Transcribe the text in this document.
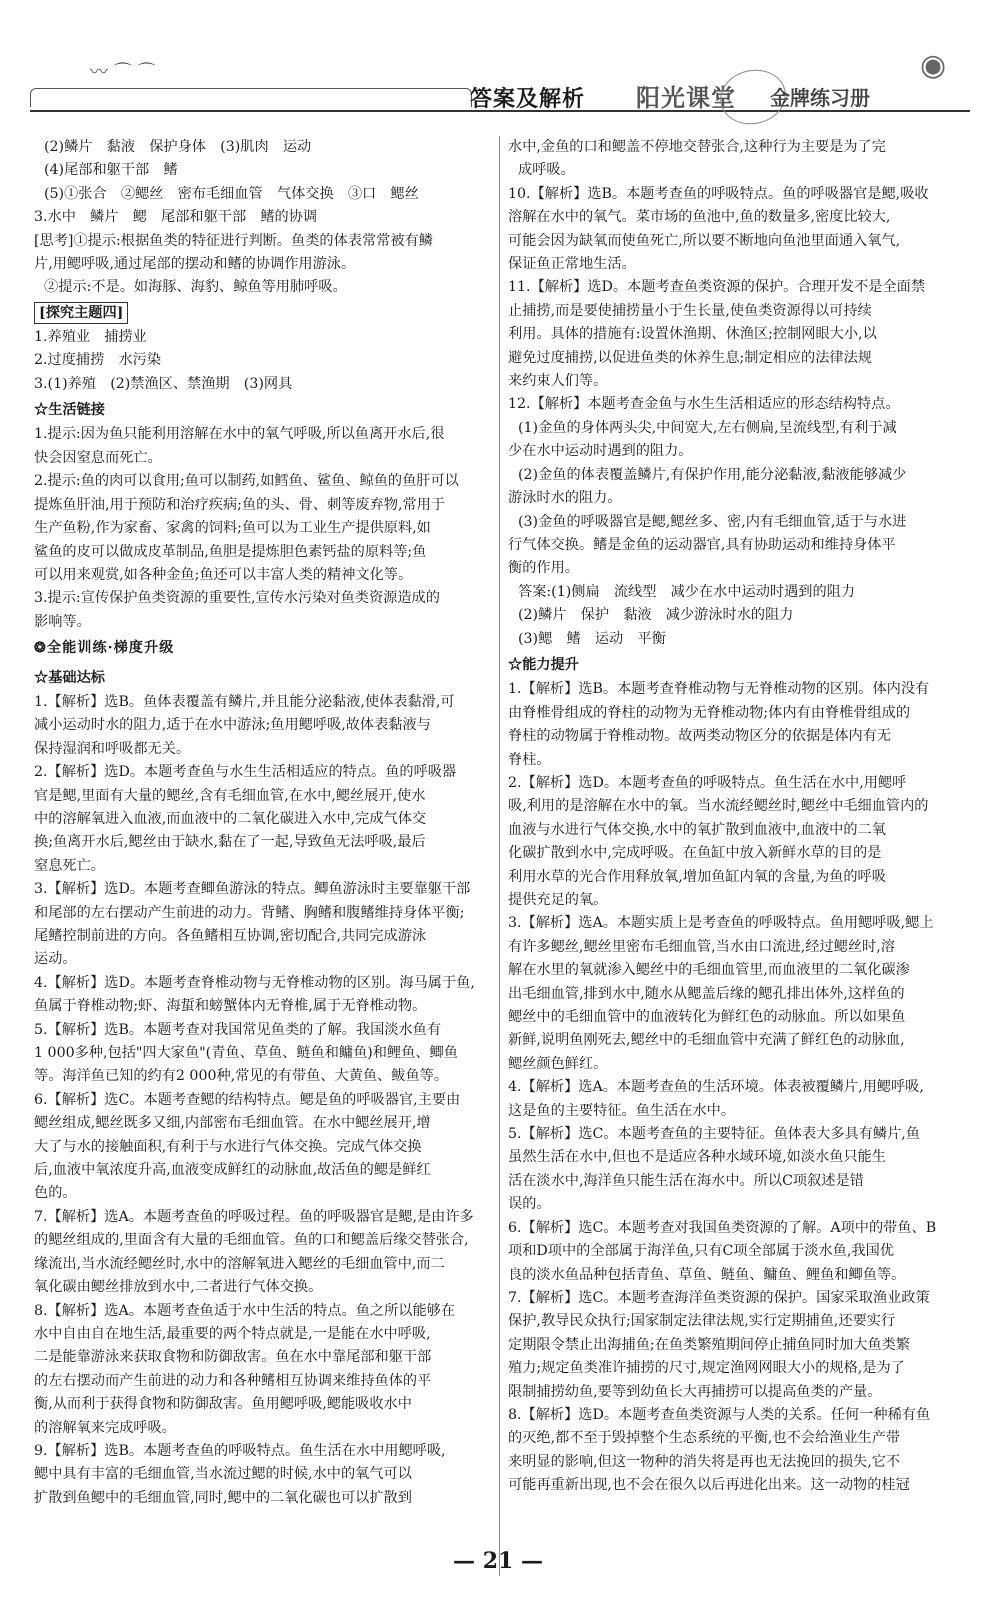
〰 ⌒ ⌒
答案及解析 阳光课堂 金牌练习册
◉
(2)鳞片　黏液　保护身体　(3)肌肉　运动
(4)尾部和躯干部　鳍
(5)①张合　②鳃丝　密布毛细血管　气体交换　③口　鳃丝
3.水中　鳞片　鳃　尾部和躯干部　鳍的协调
[思考]①提示:根据鱼类的特征进行判断。鱼类的体表常常被有鳞
片,用鳃呼吸,通过尾部的摆动和鳍的协调作用游泳。
②提示:不是。如海豚、海豹、鲸鱼等用肺呼吸。
[探究主题四]
1.养殖业　捕捞业
2.过度捕捞　水污染
3.(1)养殖　(2)禁渔区、禁渔期　(3)网具
☆生活链接
1.提示:因为鱼只能利用溶解在水中的氧气呼吸,所以鱼离开水后,很
快会因窒息而死亡。
2.提示:鱼的肉可以食用;鱼可以制药,如鳕鱼、鲨鱼、鲸鱼的鱼肝可以
提炼鱼肝油,用于预防和治疗疾病;鱼的头、骨、刺等废弃物,常用于
生产鱼粉,作为家畜、家禽的饲料;鱼可以为工业生产提供原料,如
鲨鱼的皮可以做成皮革制品,鱼胆是提炼胆色素钙盐的原料等;鱼
可以用来观赏,如各种金鱼;鱼还可以丰富人类的精神文化等。
3.提示:宣传保护鱼类资源的重要性,宣传水污染对鱼类资源造成的
影响等。
❂全能训练·梯度升级
☆基础达标
1.【解析】选B。鱼体表覆盖有鳞片,并且能分泌黏液,使体表黏滑,可
减小运动时水的阻力,适于在水中游泳;鱼用鳃呼吸,故体表黏液与
保持湿润和呼吸都无关。
2.【解析】选D。本题考查鱼与水生生活相适应的特点。鱼的呼吸器
官是鳃,里面有大量的鳃丝,含有毛细血管,在水中,鳃丝展开,使水
中的溶解氧进入血液,而血液中的二氧化碳进入水中,完成气体交
换;鱼离开水后,鳃丝由于缺水,黏在了一起,导致鱼无法呼吸,最后
窒息死亡。
3.【解析】选D。本题考查鲫鱼游泳的特点。鲫鱼游泳时主要靠躯干部
和尾部的左右摆动产生前进的动力。背鳍、胸鳍和腹鳍维持身体平衡;
尾鳍控制前进的方向。各鱼鳍相互协调,密切配合,共同完成游泳
运动。
4.【解析】选D。本题考查脊椎动物与无脊椎动物的区别。海马属于鱼,
鱼属于脊椎动物;虾、海蜇和螃蟹体内无脊椎,属于无脊椎动物。
5.【解析】选B。本题考查对我国常见鱼类的了解。我国淡水鱼有
1 000多种,包括"四大家鱼"(青鱼、草鱼、鲢鱼和鳙鱼)和鲤鱼、鲫鱼
等。海洋鱼已知的约有2 000种,常见的有带鱼、大黄鱼、鲅鱼等。
6.【解析】选C。本题考查鳃的结构特点。鳃是鱼的呼吸器官,主要由
鳃丝组成,鳃丝既多又细,内部密布毛细血管。在水中鳃丝展开,增
大了与水的接触面积,有利于与水进行气体交换。完成气体交换
后,血液中氧浓度升高,血液变成鲜红的动脉血,故活鱼的鳃是鲜红
色的。
7.【解析】选A。本题考查鱼的呼吸过程。鱼的呼吸器官是鳃,是由许多
的鳃丝组成的,里面含有大量的毛细血管。鱼的口和鳃盖后缘交替张合,
缘流出,当水流经鳃丝时,水中的溶解氧进入鳃丝的毛细血管中,而二
氧化碳由鳃丝排放到水中,二者进行气体交换。
8.【解析】选A。本题考查鱼适于水中生活的特点。鱼之所以能够在
水中自由自在地生活,最重要的两个特点就是,一是能在水中呼吸,
二是能靠游泳来获取食物和防御敌害。鱼在水中靠尾部和躯干部
的左右摆动而产生前进的动力和各种鳍相互协调来维持鱼体的平
衡,从而利于获得食物和防御敌害。鱼用鳃呼吸,鳃能吸收水中
的溶解氧来完成呼吸。
9.【解析】选B。本题考查鱼的呼吸特点。鱼生活在水中用鳃呼吸,
鳃中具有丰富的毛细血管,当水流过鳃的时候,水中的氧气可以
扩散到鱼鳃中的毛细血管,同时,鳃中的二氧化碳也可以扩散到
水中,金鱼的口和鳃盖不停地交替张合,这种行为主要是为了完
成呼吸。
10.【解析】选B。本题考查鱼的呼吸特点。鱼的呼吸器官是鳃,吸收
溶解在水中的氧气。菜市场的鱼池中,鱼的数量多,密度比较大,
可能会因为缺氧而使鱼死亡,所以要不断地向鱼池里面通入氧气,
保证鱼正常地生活。
11.【解析】选D。本题考查鱼类资源的保护。合理开发不是全面禁
止捕捞,而是要使捕捞量小于生长量,使鱼类资源得以可持续
利用。具体的措施有:设置休渔期、休渔区;控制网眼大小,以
避免过度捕捞,以促进鱼类的休养生息;制定相应的法律法规
来约束人们等。
12.【解析】本题考查金鱼与水生生活相适应的形态结构特点。
(1)金鱼的身体两头尖,中间宽大,左右侧扁,呈流线型,有利于减
少在水中运动时遇到的阻力。
(2)金鱼的体表覆盖鳞片,有保护作用,能分泌黏液,黏液能够减少
游泳时水的阻力。
(3)金鱼的呼吸器官是鳃,鳃丝多、密,内有毛细血管,适于与水进
行气体交换。鳍是金鱼的运动器官,具有协助运动和维持身体平
衡的作用。
答案:(1)侧扁　流线型　减少在水中运动时遇到的阻力
(2)鳞片　保护　黏液　减少游泳时水的阻力
(3)鳃　鳍　运动　平衡
☆能力提升
1.【解析】选B。本题考查脊椎动物与无脊椎动物的区别。体内没有
由脊椎骨组成的脊柱的动物为无脊椎动物;体内有由脊椎骨组成的
脊柱的动物属于脊椎动物。故两类动物区分的依据是体内有无
脊柱。
2.【解析】选D。本题考查鱼的呼吸特点。鱼生活在水中,用鳃呼
吸,利用的是溶解在水中的氧。当水流经鳃丝时,鳃丝中毛细血管内的
血液与水进行气体交换,水中的氧扩散到血液中,血液中的二氧
化碳扩散到水中,完成呼吸。在鱼缸中放入新鲜水草的目的是
利用水草的光合作用释放氧,增加鱼缸内氧的含量,为鱼的呼吸
提供充足的氧。
3.【解析】选A。本题实质上是考查鱼的呼吸特点。鱼用鳃呼吸,鳃上
有许多鳃丝,鳃丝里密布毛细血管,当水由口流进,经过鳃丝时,溶
解在水里的氧就渗入鳃丝中的毛细血管里,而血液里的二氧化碳渗
出毛细血管,排到水中,随水从鳃盖后缘的鳃孔排出体外,这样鱼的
鳃丝中的毛细血管中的血液转化为鲜红色的动脉血。所以如果鱼
新鲜,说明鱼刚死去,鳃丝中的毛细血管中充满了鲜红色的动脉血,
鳃丝颜色鲜红。
4.【解析】选A。本题考查鱼的生活环境。体表被覆鳞片,用鳃呼吸,
这是鱼的主要特征。鱼生活在水中。
5.【解析】选C。本题考查鱼的主要特征。鱼体表大多具有鳞片,鱼
虽然生活在水中,但也不是适应各种水域环境,如淡水鱼只能生
活在淡水中,海洋鱼只能生活在海水中。所以C项叙述是错
误的。
6.【解析】选C。本题考查对我国鱼类资源的了解。A项中的带鱼、B
项和D项中的全部属于海洋鱼,只有C项全部属于淡水鱼,我国优
良的淡水鱼品种包括青鱼、草鱼、鲢鱼、鳙鱼、鲤鱼和鲫鱼等。
7.【解析】选C。本题考查海洋鱼类资源的保护。国家采取渔业政策
保护,教导民众执行;国家制定法律法规,实行定期捕鱼,还要实行
定期限令禁止出海捕鱼;在鱼类繁殖期间停止捕鱼同时加大鱼类繁
殖力;规定鱼类准许捕捞的尺寸,规定渔网网眼大小的规格,是为了
限制捕捞幼鱼,要等到幼鱼长大再捕捞可以提高鱼类的产量。
8.【解析】选D。本题考查鱼类资源与人类的关系。任何一种稀有鱼
的灭绝,都不至于毁掉整个生态系统的平衡,也不会给渔业生产带
来明显的影响,但这一物种的消失将是再也无法挽回的损失,它不
可能再重新出现,也不会在很久以后再进化出来。这一动物的桂冠
— 21 —
